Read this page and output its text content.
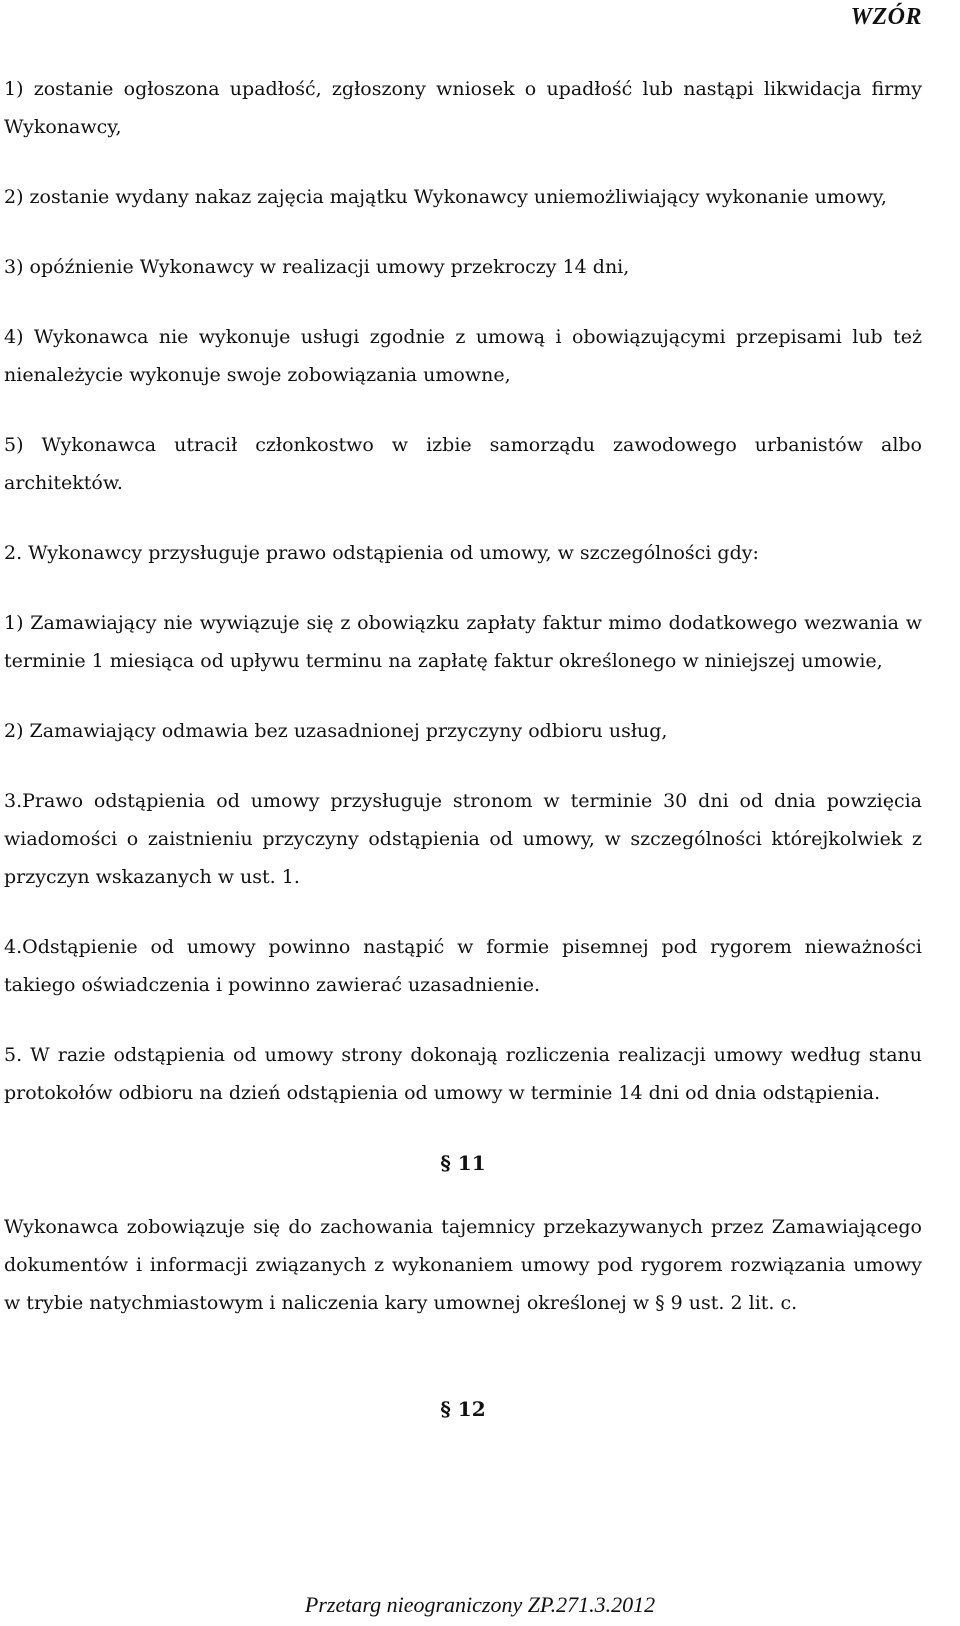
WZÓR

1) zostanie ogłoszona upadłość, zgłoszony wniosek o upadłość lub nastąpi likwidacja firmy Wykonawcy,

2) zostanie wydany nakaz zajęcia majątku Wykonawcy uniemożliwiający wykonanie umowy,

3) opóźnienie Wykonawcy w realizacji umowy przekroczy 14 dni,

4) Wykonawca nie wykonuje usługi zgodnie z umową i obowiązującymi przepisami lub też nienależycie wykonuje swoje zobowiązania umowne,

5) Wykonawca utracił członkostwo w izbie samorządu zawodowego urbanistów albo architektów.

2. Wykonawcy przysługuje prawo odstąpienia od umowy, w szczególności gdy:

1) Zamawiający nie wywiązuje się z obowiązku zapłaty faktur mimo dodatkowego wezwania w terminie 1 miesiąca od upływu terminu na zapłatę faktur określonego w niniejszej umowie,

2) Zamawiający odmawia bez uzasadnionej przyczyny odbioru usług,

3.Prawo odstąpienia od umowy przysługuje stronom w terminie 30 dni od dnia powzięcia wiadomości o zaistnieniu przyczyny odstąpienia od umowy, w szczególności którejkolwiek z przyczyn wskazanych w ust. 1.

4.Odstąpienie od umowy powinno nastąpić w formie pisemnej pod rygorem nieważności takiego oświadczenia i powinno zawierać uzasadnienie.

5. W razie odstąpienia od umowy strony dokonają rozliczenia realizacji umowy według stanu protokołów odbioru na dzień odstąpienia od umowy w terminie 14 dni od dnia odstąpienia.

§ 11

Wykonawca zobowiązuje się do zachowania tajemnicy przekazywanych przez Zamawiającego dokumentów i informacji związanych z wykonaniem umowy pod rygorem rozwiązania umowy w trybie natychmiastowym i naliczenia kary umownej określonej w § 9 ust. 2 lit. c.

§ 12
Przetarg nieograniczony ZP.271.3.2012
